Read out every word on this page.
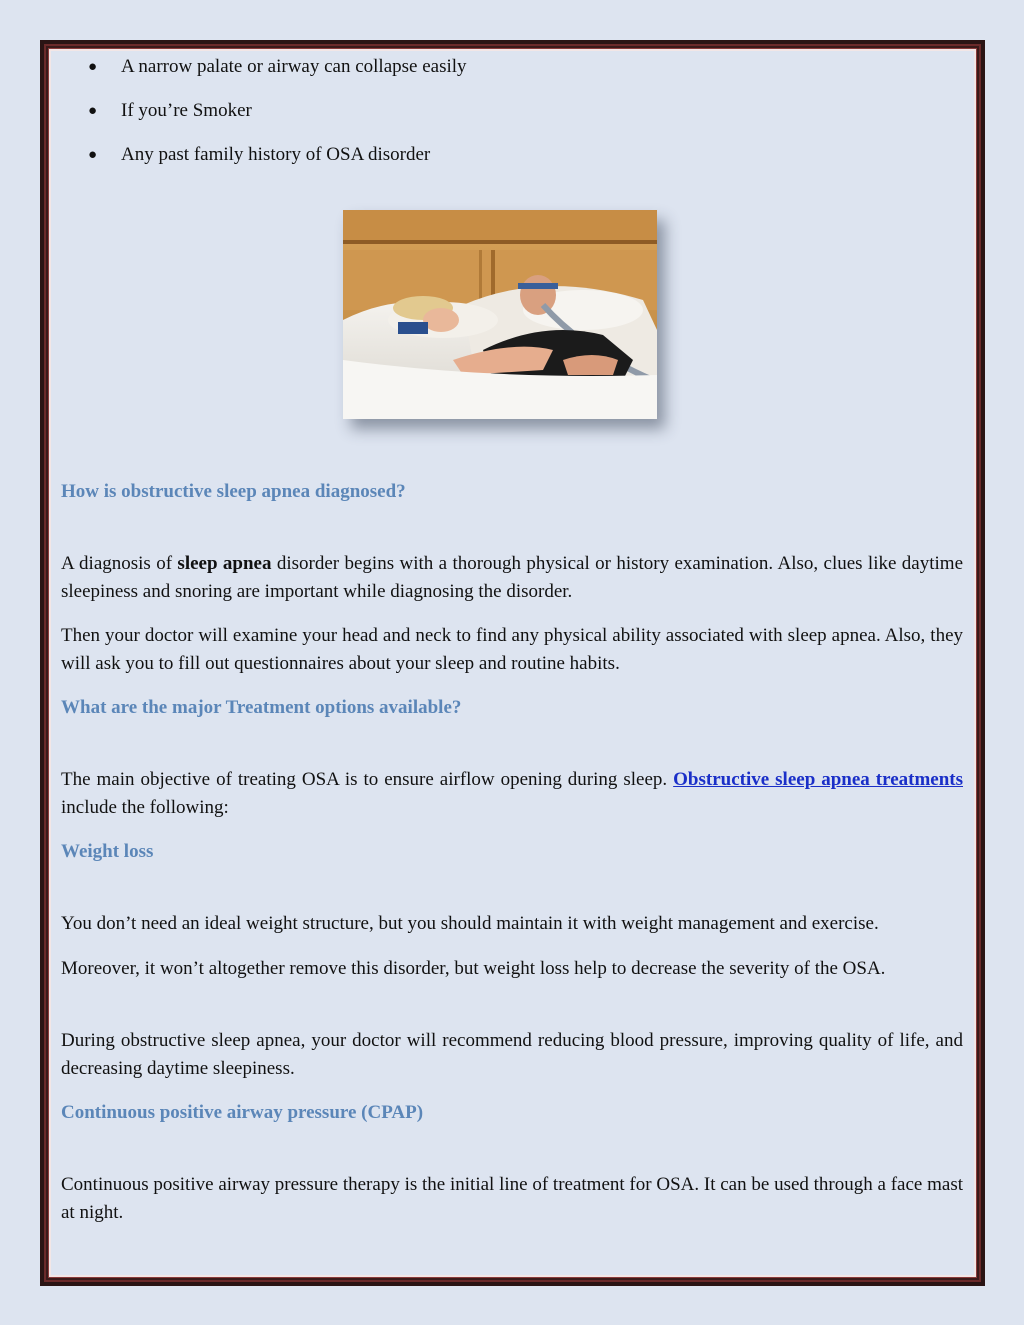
● A narrow palate or airway can collapse easily
● If you’re Smoker
● Any past family history of OSA disorder
How is obstructive sleep apnea diagnosed?

A diagnosis of sleep apnea disorder begins with a thorough physical or history examination. Also, clues like daytime sleepiness and snoring are important while diagnosing the disorder.

Then your doctor will examine your head and neck to find any physical ability associated with sleep apnea. Also, they will ask you to fill out questionnaires about your sleep and routine habits.

What are the major Treatment options available?

The main objective of treating OSA is to ensure airflow opening during sleep. Obstructive sleep apnea treatments include the following:

Weight loss

You don’t need an ideal weight structure, but you should maintain it with weight management and exercise.

Moreover, it won’t altogether remove this disorder, but weight loss help to decrease the severity of the OSA.

During obstructive sleep apnea, your doctor will recommend reducing blood pressure, improving quality of life, and decreasing daytime sleepiness.

Continuous positive airway pressure (CPAP)

Continuous positive airway pressure therapy is the initial line of treatment for OSA. It can be used through a face mast at night.
